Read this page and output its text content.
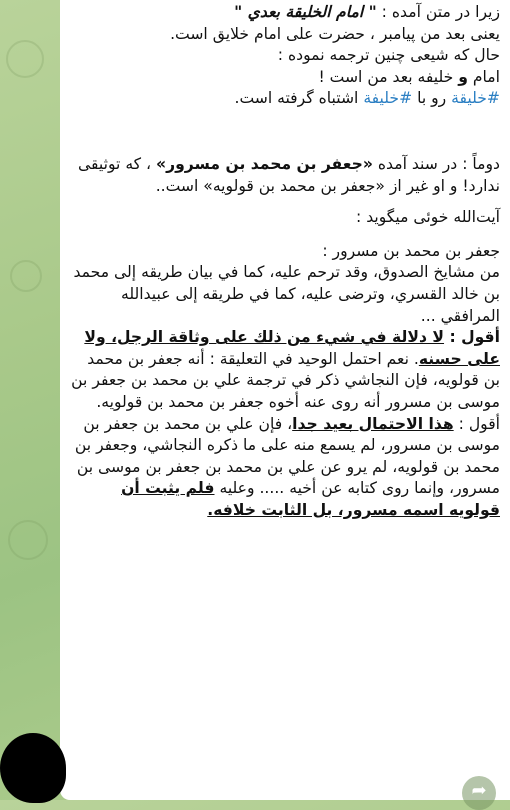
زیرا در متن آمده : " امام الخلیقة بعدي "

یعنی بعد من پیامبر ، حضرت علی امام خلایق است.

حال که شیعی چنین ترجمه نموده :

امام و خلیفه بعد من است !

#خلیقة رو با #خلیفة اشتباه گرفته است.

دوماً : در سند آمده «جعفر بن محمد بن مسرور» ، که توثیقی ندارد! و او غیر از «جعفر بن محمد بن قولویه» است..

آیت‌الله خوئی میگوید :

جعفر بن محمد بن مسرور :

من مشايخ الصدوق، وقد ترحم عليه، كما في بيان طريقه إلى محمد بن خالد القسري، وترضى عليه، كما في طريقه إلى عبيدالله المرافقي ...

أقول : لا دلالة في شيء من ذلك على وثاقة الرجل، ولا على حسنه. نعم احتمل الوحيد في التعليقة : أنه جعفر بن محمد بن قولويه، فإن النجاشي ذكر في ترجمة علي بن محمد بن جعفر بن موسى بن مسرور أنه روى عنه أخوه جعفر بن محمد بن قولويه.

أقول : هذا الاحتمال بعيد جدا، فإن علي بن محمد بن جعفر بن موسى بن مسرور، لم يسمع منه على ما ذكره النجاشي، وجعفر بن محمد بن قولويه، لم يرو عن علي بن محمد بن جعفر بن موسى بن مسرور، وإنما روى كتابه عن أخيه ..... وعليه فلم يثبت أن قولويه اسمه مسرور، بل الثابت خلافه.

➦
